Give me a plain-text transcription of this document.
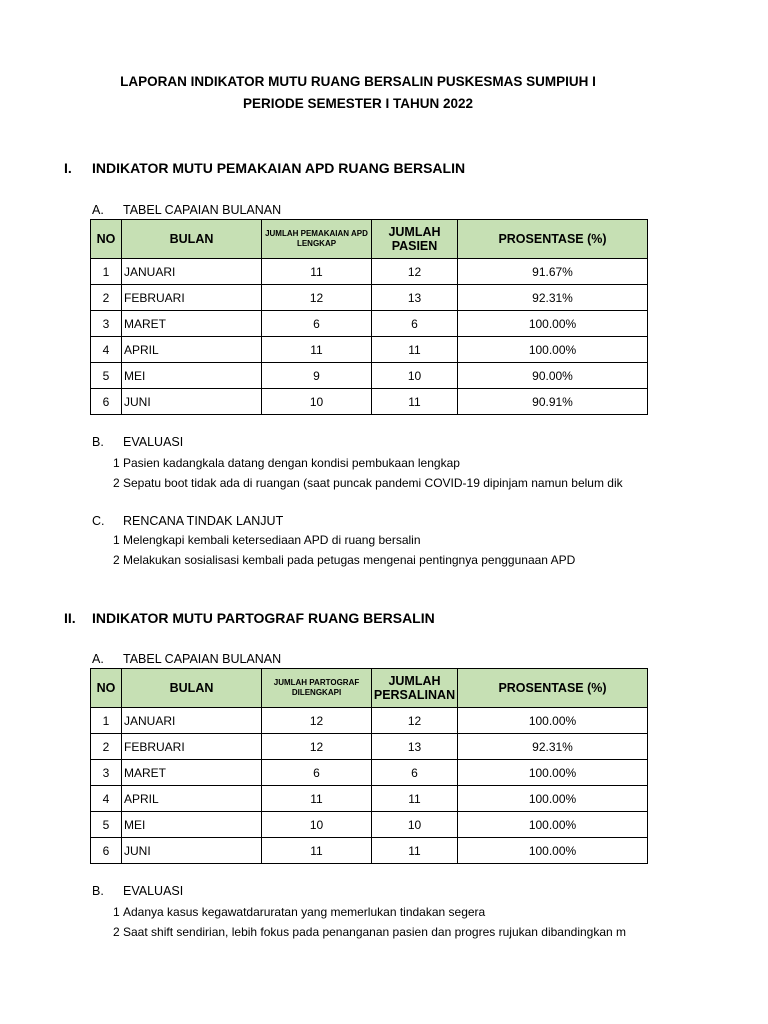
LAPORAN INDIKATOR MUTU RUANG BERSALIN PUSKESMAS SUMPIUH I
PERIODE SEMESTER I TAHUN 2022
I. INDIKATOR MUTU PEMAKAIAN APD RUANG BERSALIN
A. TABEL CAPAIAN BULANAN
NO	BULAN	JUMLAH PEMAKAIAN APD LENGKAP	JUMLAH PASIEN	PROSENTASE (%)
1	JANUARI	11	12	91.67%
2	FEBRUARI	12	13	92.31%
3	MARET	6	6	100.00%
4	APRIL	11	11	100.00%
5	MEI	9	10	90.00%
6	JUNI	10	11	90.91%
B. EVALUASI
1 Pasien kadangkala datang dengan kondisi pembukaan lengkap
2 Sepatu boot tidak ada di ruangan (saat puncak pandemi COVID-19 dipinjam namun belum dik
C. RENCANA TINDAK LANJUT
1 Melengkapi kembali ketersediaan APD di ruang bersalin
2 Melakukan sosialisasi kembali pada petugas mengenai pentingnya penggunaan APD
II. INDIKATOR MUTU PARTOGRAF RUANG BERSALIN
A. TABEL CAPAIAN BULANAN
NO	BULAN	JUMLAH PARTOGRAF DILENGKAPI	JUMLAH PERSALINAN	PROSENTASE (%)
1	JANUARI	12	12	100.00%
2	FEBRUARI	12	13	92.31%
3	MARET	6	6	100.00%
4	APRIL	11	11	100.00%
5	MEI	10	10	100.00%
6	JUNI	11	11	100.00%
B. EVALUASI
1 Adanya kasus kegawatdaruratan yang memerlukan tindakan segera
2 Saat shift sendirian, lebih fokus pada penanganan pasien dan progres rujukan dibandingkan m
